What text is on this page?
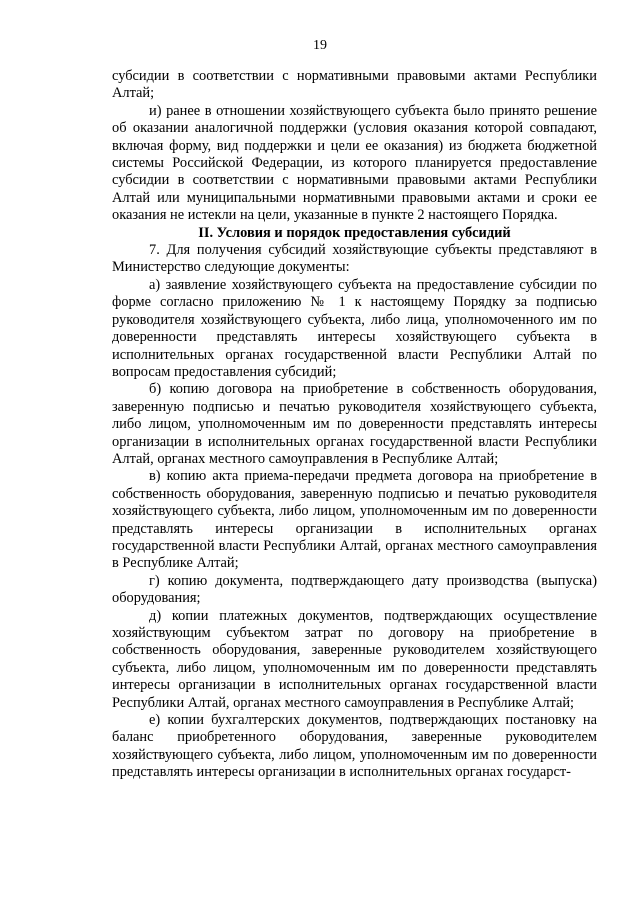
19

субсидии в соответствии с нормативными правовыми актами Республики Алтай;

и) ранее в отношении хозяйствующего субъекта было принято решение об оказании аналогичной поддержки (условия оказания которой совпадают, включая форму, вид поддержки и цели ее оказания) из бюджета бюджетной системы Российской Федерации, из которого планируется предоставление субсидии в соответствии с нормативными правовыми актами Республики Алтай или муниципальными нормативными правовыми актами и сроки ее оказания не истекли на цели, указанные в пункте 2 настоящего Порядка.

II. Условия и порядок предоставления субсидий

7. Для получения субсидий хозяйствующие субъекты представляют в Министерство следующие документы:

а) заявление хозяйствующего субъекта на предоставление субсидии по форме согласно приложению № 1 к настоящему Порядку за подписью руководителя хозяйствующего субъекта, либо лица, уполномоченного им по доверенности представлять интересы хозяйствующего субъекта в исполнительных органах государственной власти Республики Алтай по вопросам предоставления субсидий;

б) копию договора на приобретение в собственность оборудования, заверенную подписью и печатью руководителя хозяйствующего субъекта, либо лицом, уполномоченным им по доверенности представлять интересы организации в исполнительных органах государственной власти Республики Алтай, органах местного самоуправления в Республике Алтай;

в) копию акта приема-передачи предмета договора на приобретение в собственность оборудования, заверенную подписью и печатью руководителя хозяйствующего субъекта, либо лицом, уполномоченным им по доверенности представлять интересы организации в исполнительных органах государственной власти Республики Алтай, органах местного самоуправления в Республике Алтай;

г) копию документа, подтверждающего дату производства (выпуска) оборудования;

д) копии платежных документов, подтверждающих осуществление хозяйствующим субъектом затрат по договору на приобретение в собственность оборудования, заверенные руководителем хозяйствующего субъекта, либо лицом, уполномоченным им по доверенности представлять интересы организации в исполнительных органах государственной власти Республики Алтай, органах местного самоуправления в Республике Алтай;

е) копии бухгалтерских документов, подтверждающих постановку на баланс приобретенного оборудования, заверенные руководителем хозяйствующего субъекта, либо лицом, уполномоченным им по доверенности представлять интересы организации в исполнительных органах государст-
